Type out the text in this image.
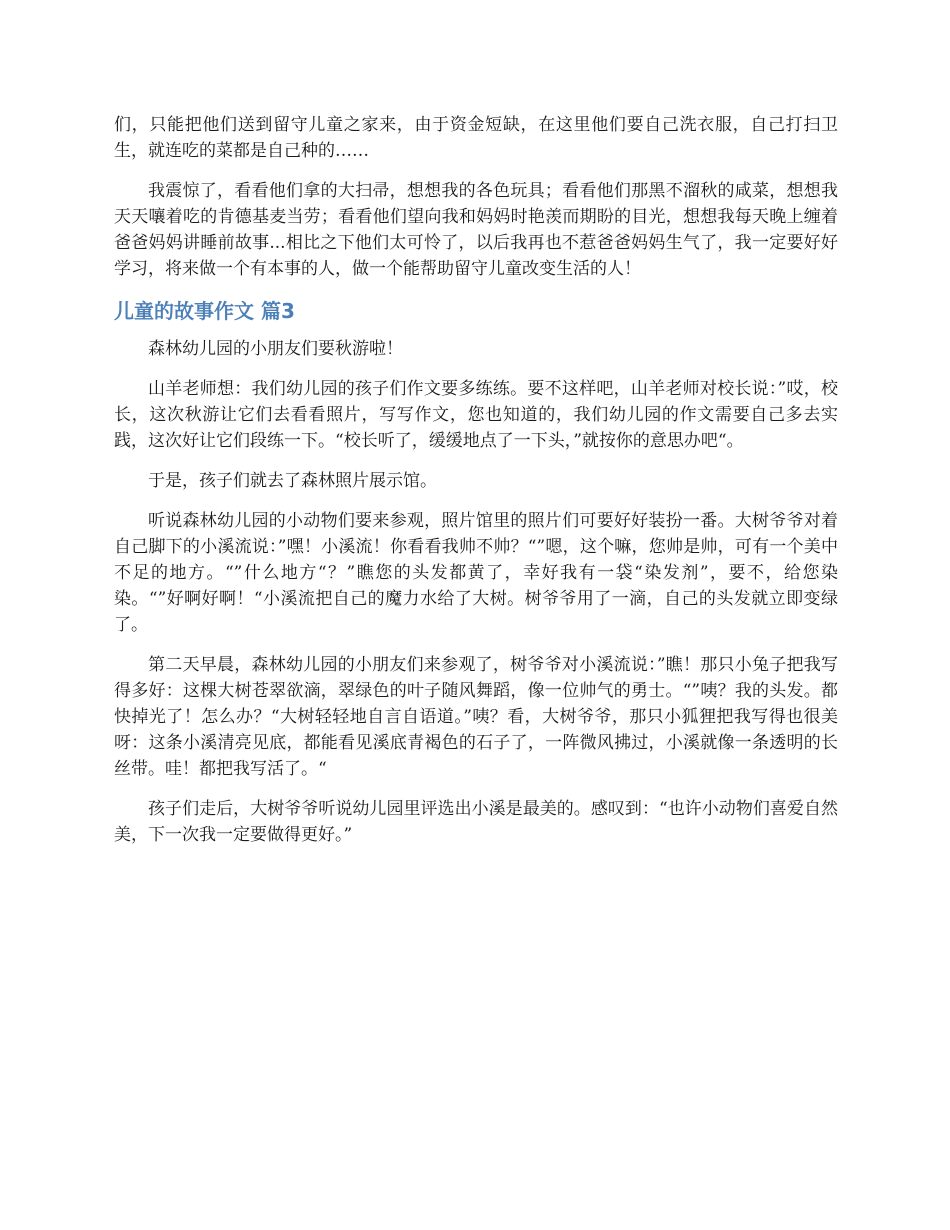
们，只能把他们送到留守儿童之家来，由于资金短缺，在这里他们要自己洗衣服，自己打扫卫生，就连吃的菜都是自己种的……

我震惊了，看看他们拿的大扫帚，想想我的各色玩具；看看他们那黑不溜秋的咸菜，想想我天天嚷着吃的肯德基麦当劳；看看他们望向我和妈妈时艳羡而期盼的目光，想想我每天晚上缠着爸爸妈妈讲睡前故事...相比之下他们太可怜了，以后我再也不惹爸爸妈妈生气了，我一定要好好学习，将来做一个有本事的人，做一个能帮助留守儿童改变生活的人！

儿童的故事作文 篇3

森林幼儿园的小朋友们要秋游啦！

山羊老师想：我们幼儿园的孩子们作文要多练练。要不这样吧，山羊老师对校长说：”哎，校长，这次秋游让它们去看看照片，写写作文，您也知道的，我们幼儿园的作文需要自己多去实践，这次好让它们段练一下。“校长听了，缓缓地点了一下头，”就按你的意思办吧“。

于是，孩子们就去了森林照片展示馆。

听说森林幼儿园的小动物们要来参观，照片馆里的照片们可要好好装扮一番。大树爷爷对着自己脚下的小溪流说：”嘿！小溪流！你看看我帅不帅？“”嗯，这个嘛，您帅是帅，可有一个美中不足的地方。“”什么地方“？”瞧您的头发都黄了，幸好我有一袋“染发剂”，要不，给您染染。“”好啊好啊！“小溪流把自己的魔力水给了大树。树爷爷用了一滴，自己的头发就立即变绿了。

第二天早晨，森林幼儿园的小朋友们来参观了，树爷爷对小溪流说：”瞧！那只小兔子把我写得多好：这棵大树苍翠欲滴，翠绿色的叶子随风舞蹈，像一位帅气的勇士。“”咦？我的头发。都快掉光了！怎么办？“大树轻轻地自言自语道。”咦？看，大树爷爷，那只小狐狸把我写得也很美呀：这条小溪清亮见底，都能看见溪底青褐色的石子了，一阵微风拂过，小溪就像一条透明的长丝带。哇！都把我写活了。“

孩子们走后，大树爷爷听说幼儿园里评选出小溪是最美的。感叹到：“也许小动物们喜爱自然美，下一次我一定要做得更好。”
